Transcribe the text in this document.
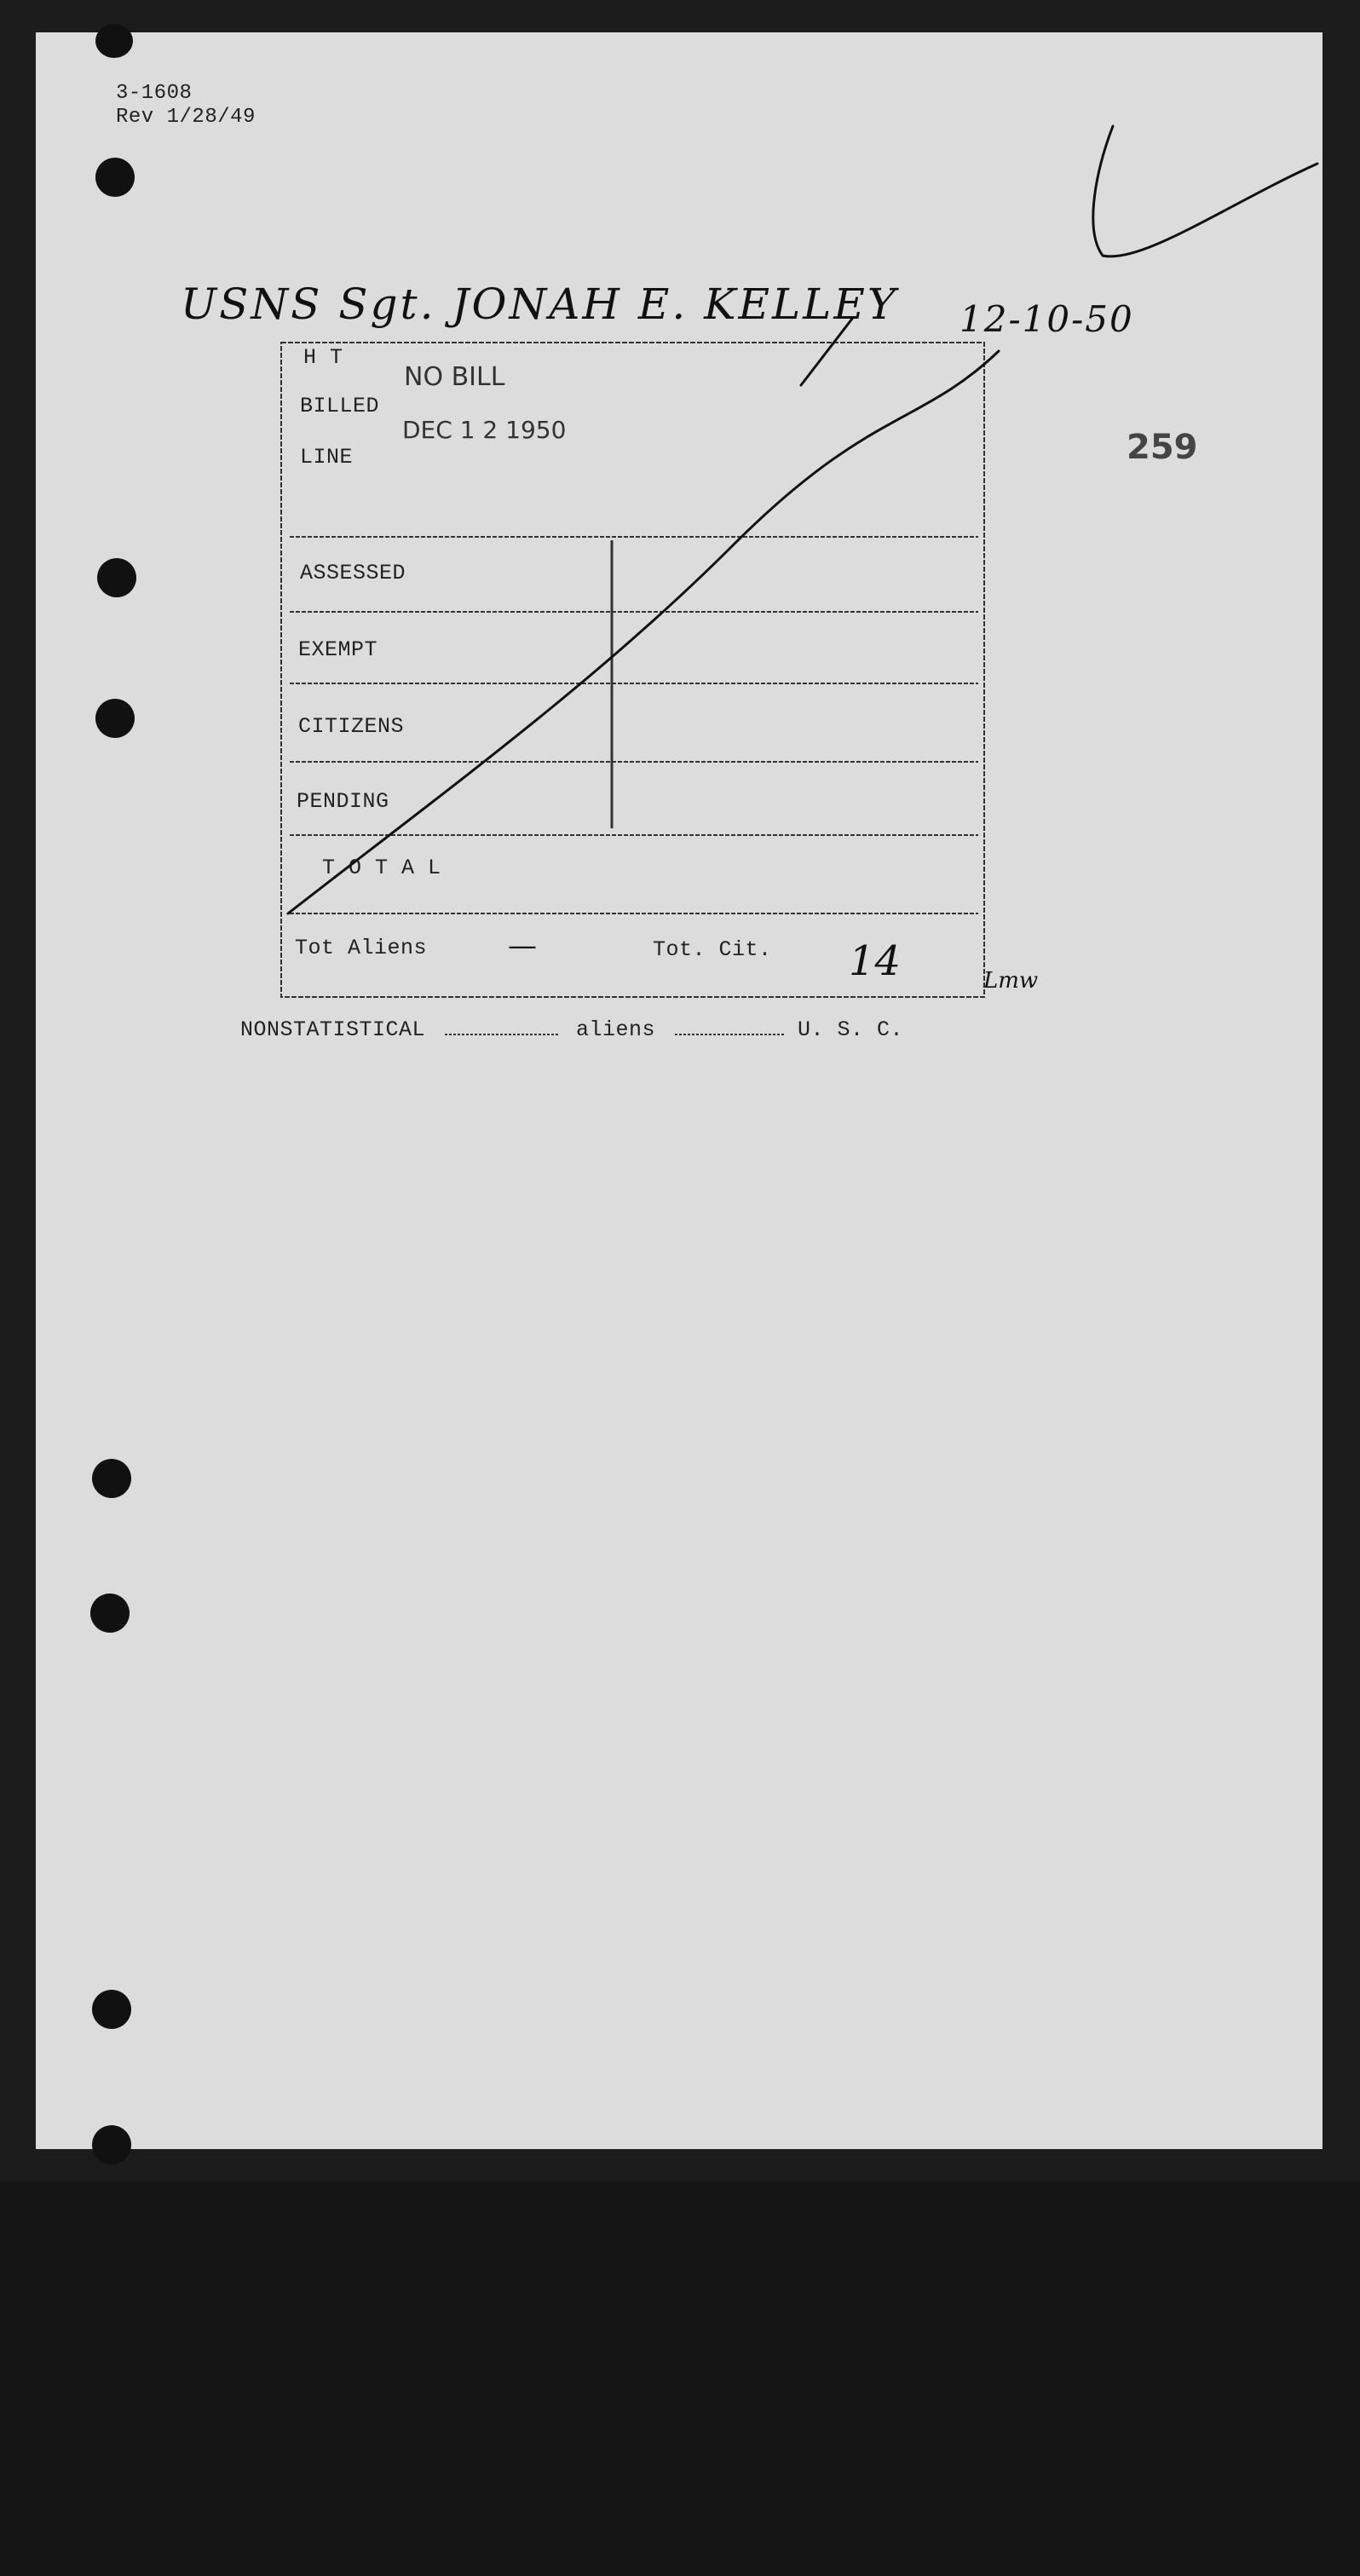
3-1608
Rev 1/28/49
USNS Sgt. JONAH E. KELLEY 12-10-50
259
H T
BILLED
LINE
NO BILL
DEC 1 2 1950
ASSESSED
EXEMPT
CITIZENS
PENDING
T O T A L
Tot Aliens	—	Tot. Cit. 14	Lmw
NONSTATISTICAL	aliens	U. S. C.
